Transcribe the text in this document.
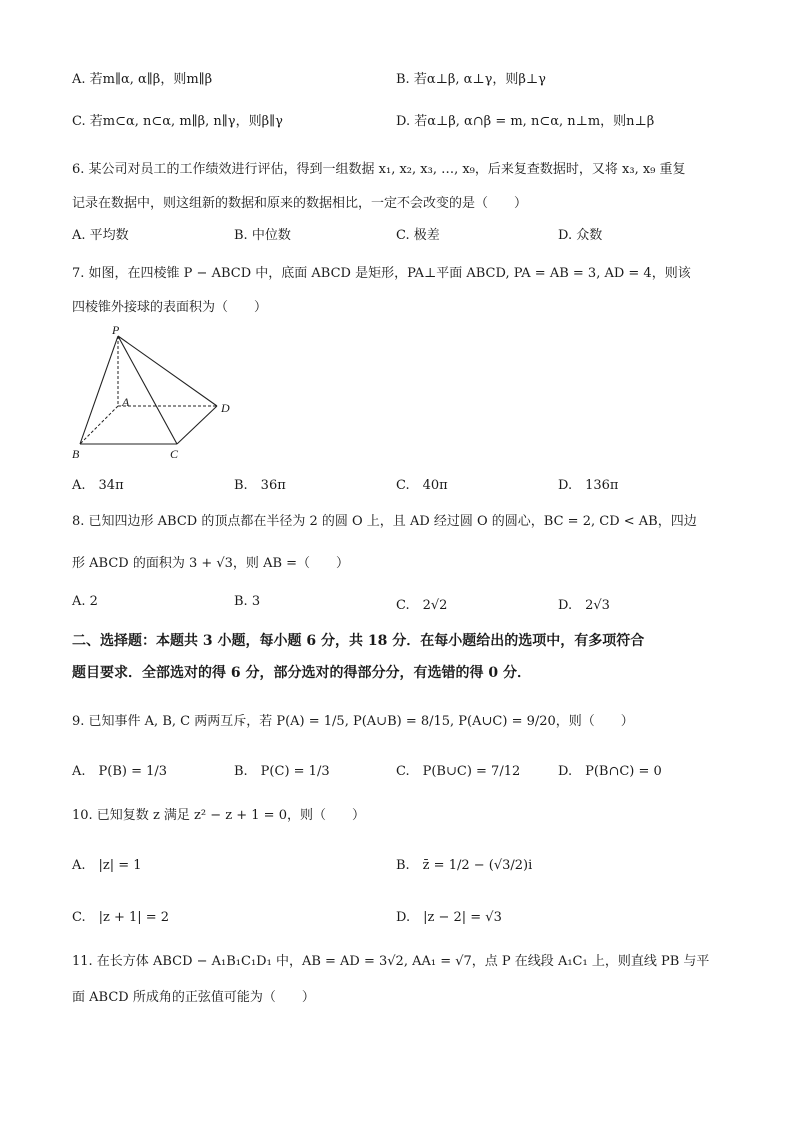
A. 若m∥α, α∥β，则m∥β	B. 若α⊥β, α⊥γ，则β⊥γ
C. 若m⊂α, n⊂α, m∥β, n∥γ，则β∥γ	D. 若α⊥β, α∩β = m, n⊂α, n⊥m，则n⊥β
6. 某公司对员工的工作绩效进行评估，得到一组数据 x₁, x₂, x₃, …, x₉，后来复查数据时，又将 x₃, x₉ 重复
记录在数据中，则这组新的数据和原来的数据相比，一定不会改变的是（　　）
A. 平均数	B. 中位数	C. 极差	D. 众数
7. 如图，在四棱锥 P − ABCD 中，底面 ABCD 是矩形，PA⊥平面 ABCD, PA = AB = 3, AD = 4，则该
四棱锥外接球的表面积为（　　）
P
A
B	C
D
A.　34π	B.　36π	C.　40π	D.　136π
8. 已知四边形 ABCD 的顶点都在半径为 2 的圆 O 上，且 AD 经过圆 O 的圆心，BC = 2, CD < AB，四边
形 ABCD 的面积为 3 + √3，则 AB =（　　）
A. 2	B. 3	C.　2√2	D.　2√3
二、选择题：本题共 3 小题，每小题 6 分，共 18 分．在每小题给出的选项中，有多项符合
题目要求．全部选对的得 6 分，部分选对的得部分分，有选错的得 0 分．
9. 已知事件 A, B, C 两两互斥，若 P(A) = 1/5, P(A∪B) = 8/15, P(A∪C) = 9/20，则（　　）
A.　P(B) = 1/3	B.　P(C) = 1/3	C.　P(B∪C) = 7/12	D.　P(B∩C) = 0
10. 已知复数 z 满足 z² − z + 1 = 0，则（　　）
A.　|z| = 1	B.　z̄ = 1/2 − (√3/2)i
C.　|z + 1| = 2	D.　|z − 2| = √3
11. 在长方体 ABCD − A₁B₁C₁D₁ 中，AB = AD = 3√2, AA₁ = √7，点 P 在线段 A₁C₁ 上，则直线 PB 与平
面 ABCD 所成角的正弦值可能为（　　）
